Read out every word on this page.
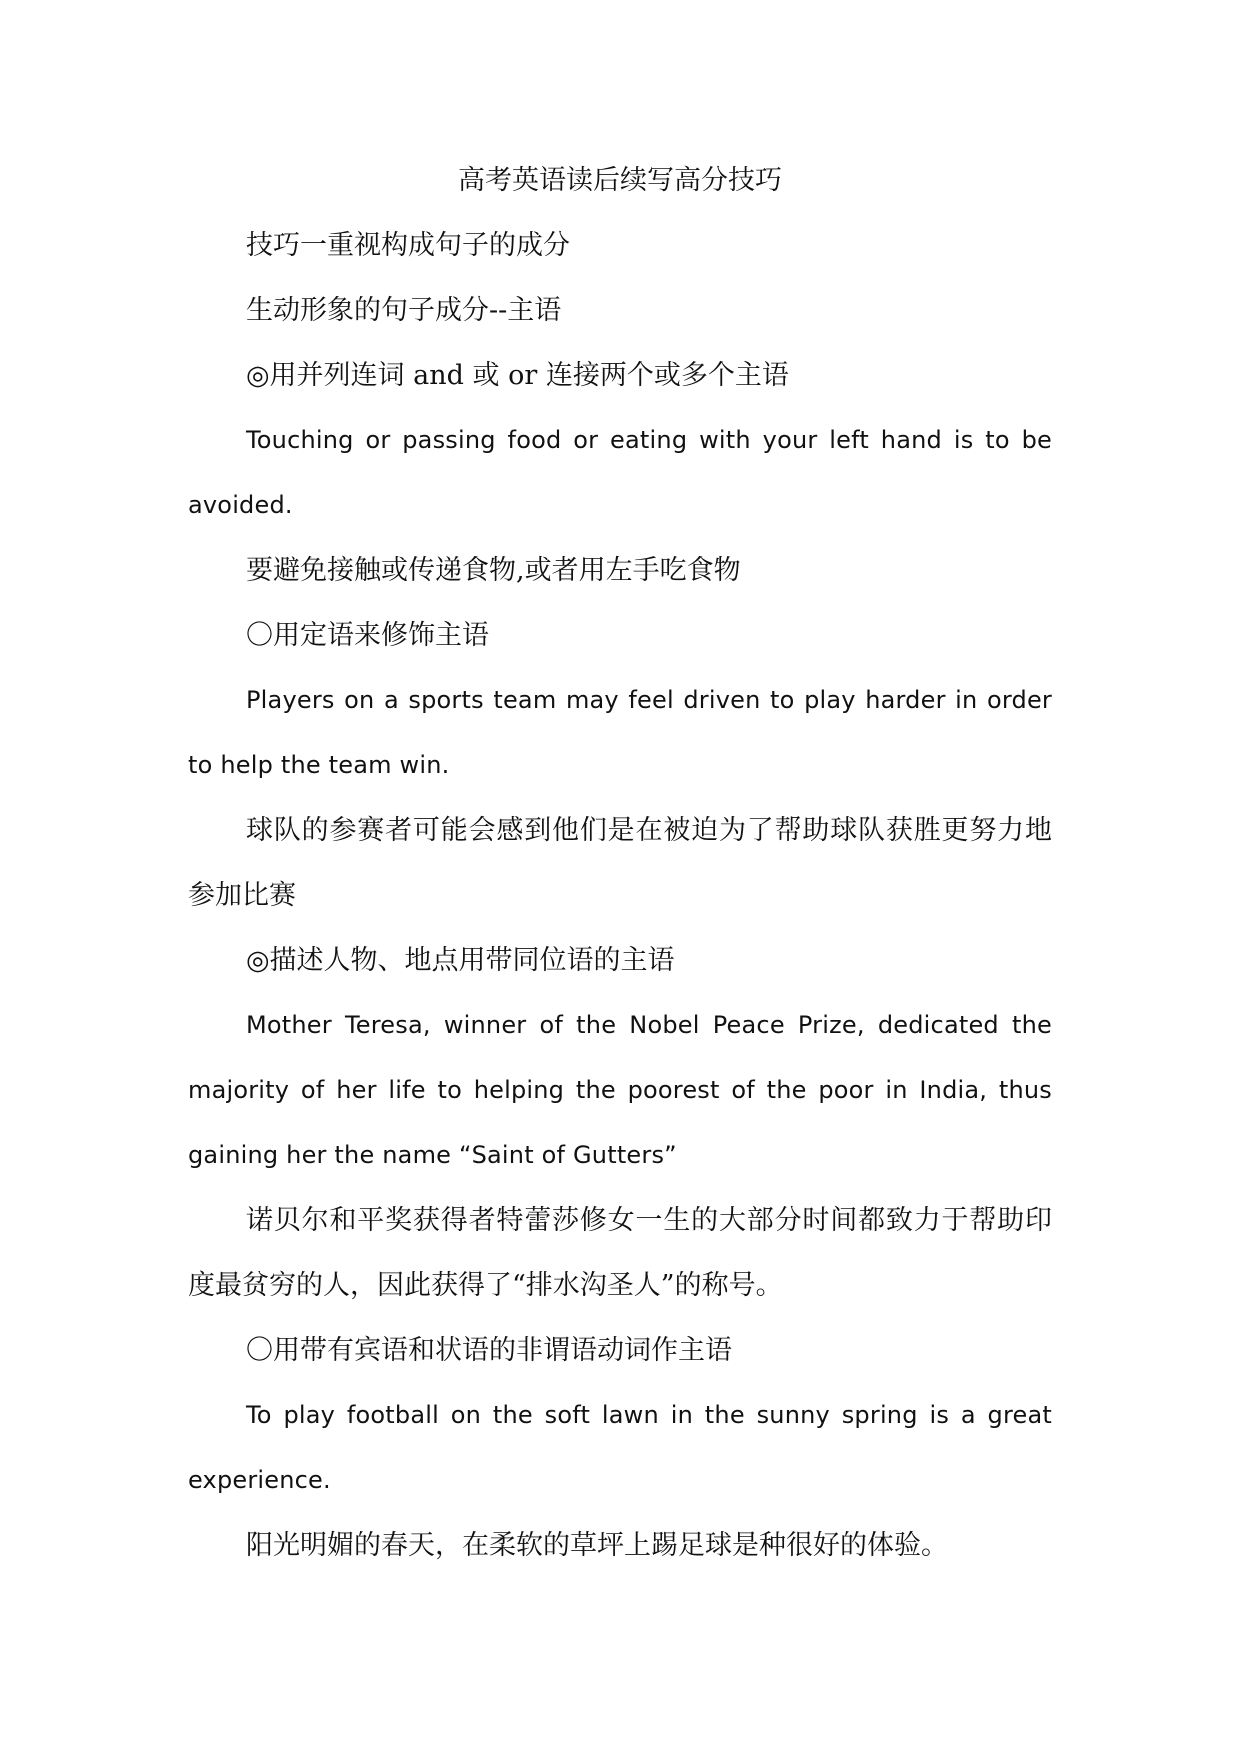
高考英语读后续写高分技巧

技巧一重视构成句子的成分

生动形象的句子成分--主语

◎用并列连词 and 或 or 连接两个或多个主语

Touching or passing food or eating with your left hand is to be avoided.

要避免接触或传递食物,或者用左手吃食物

〇用定语来修饰主语

Players on a sports team may feel driven to play harder in order to help the team win.

球队的参赛者可能会感到他们是在被迫为了帮助球队获胜更努力地参加比赛

◎描述人物、地点用带同位语的主语

Mother Teresa, winner of the Nobel Peace Prize, dedicated the majority of her life to helping the poorest of the poor in India, thus gaining her the name “Saint of Gutters”

诺贝尔和平奖获得者特蕾莎修女一生的大部分时间都致力于帮助印度最贫穷的人，因此获得了“排水沟圣人”的称号。

〇用带有宾语和状语的非谓语动词作主语

To play football on the soft lawn in the sunny spring is a great experience.

阳光明媚的春天，在柔软的草坪上踢足球是种很好的体验。
